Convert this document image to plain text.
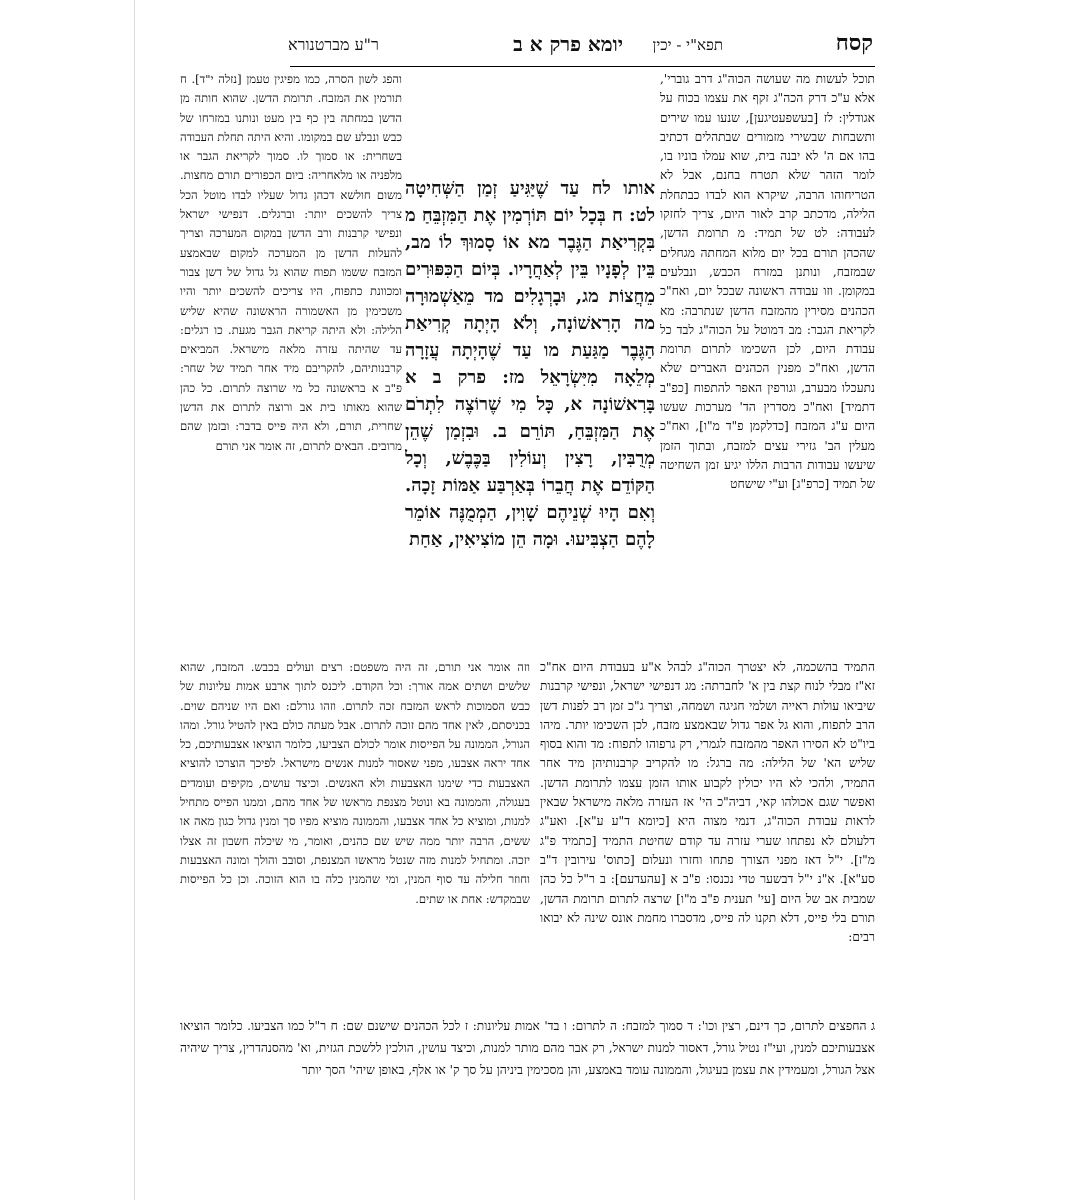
קסח
תפא"י - יכין
יומא פרק א ב
ר"ע מברטנורא

תוכל לעשות מה שעושה הכוה"ג דרב גוברי', אלא ע"כ דרק הכה"ג זקף את עצמו בכוח על אגודלין: לז [בעשפעטיגען], שנעו עמו שירים ותשבחות שבשירי מזמורים שבתהלים דכתיב בהו אם ה' לא יבנה בית, שוא עמלו בוניו בו, לומר הזהר שלא תטרח בחנם, אבל לא הטריחוהו הרבה, שיקרא הוא לבדו כבתחלת הלילה, מדכתב קרב לאור היום, צריך לחזקו לעבודה: לט של תמיד: מ תרומת הדשן, שהכהן תורם בכל יום מלוא המחתה מגחלים שבמזבח, ונותנן במזרח הכבש, ונבלעים במקומן. וזו עבודה ראשונה שבכל יום, ואח"כ הכהנים מסירין מהמזבח הדשן שנתרבה: מא לקריאת הגבר: מב דמוטל על הכוה"ג לבד כל עבודת היום, לכן השכימו לתרום תרומת הדשן, ואח"כ מפנין הכהנים האברים שלא נתעכלו מבערב, וגורפין האפר להתפוח [כפ"ב דתמיד] ואח"כ מסדרין הד' מערכות שעשו היום ע"ג המזבח [כדלקמן פ"ד מ"ו], ואח"כ מעלין הב' גזירי עצים למזבח, ובתוך הזמן שיעשו עבודות הרבות הללו יגיע זמן השחיטה של תמיד [כרפ"ג] וע"י שישחט

אותו לח עַד שֶׁיַּגִּיעַ זְמַן הַשְּׁחִיטָה לט: ח בְּכָל יוֹם תּוֹרְמִין אֶת הַמִּזְבֵּחַ מ בִּקְרִיאַת הַגֶּבֶר מא אוֹ סָמוּךְ לוֹ מב, בֵּין לְפָנָיו בֵּין לְאַחֲרָיו. בְּיוֹם הַכִּפּוּרִים מֵחֲצוֹת מג, וּבָרְגָלִים מד מֵאַשְׁמוּרָה מה הָרִאשׁוֹנָה, וְלֹא הָיְתָה קְרִיאַת הַגֶּבֶר מַגַּעַת מו עַד שֶׁהָיְתָה עֲזָרָה מְלֵאָה מִיִּשְׂרָאֵל מז: פרק ב א בָּרִאשׁוֹנָה א, כָּל מִי שֶׁרוֹצֶה לִתְרֹם אֶת הַמִּזְבֵּחַ, תּוֹרֵם ב. וּבִזְמַן שֶׁהֵן מְרֻבִּין, רָצִין וְעוֹלִין בַּכֶּבֶשׁ, וְכָל הַקּוֹדֵם אֶת חֲבֵרוֹ בְּאַרְבַּע אַמּוֹת זָכָה. וְאִם הָיוּ שְׁנֵיהֶם שָׁוִין, הַמְמֻנֶּה אוֹמֵר לָהֶם הַצְבִּיעוּ. וּמָה הֵן מוֹצִיאִין, אַחַת

והפג לשון הסרה, כמו מפיגין טעמן [נזלה י"ד]. ח תורמין את המזבח. תרומת הדשן. שהוא חותה מן הדשן במחתה בין כף בין מעט ונותנו במזרחו של כבש ונבלע שם במקומו. והיא היתה תחלת העבודה בשחרית: או סמוך לו. סמוך לקריאת הגבר או מלפניה או מלאחריה: ביום הכפורים תורם מחצות. משום חולשא דכהן גדול שעליו לבדו מוטל הכל צריך להשכים יותר: וברגלים. דנפישי ישראל ונפישי קרבנות ורב הדשן במקום המערכה וצריך להעלות הדשן מן המערכה למקום שבאמצע המזבח ששמו תפוח שהוא גל גדול של דשן צבור ומכוונת כתפוח, היו צריכים להשכים יותר והיו משכימין מן האשמורה הראשונה שהיא שליש הלילה: ולא היתה קריאת הגבר מגעת. כו רגלים: עד שהיתה עזרה מלאה מישראל. המביאים קרבנותיהם, להקריבם מיד אחר תמיד של שחר: פ"ב א בראשונה כל מי שרוצה לתרום. כל כהן שהוא מאותו בית אב ורוצה לתרום את הדשן שחרית, תורם, ולא היה פייס בדבר: ובזמן שהם מרובים. הבאים לתרום, זה אומר אני תורם

התמיד בהשכמה, לא יצטרך הכוה"ג לבהל א"ע בעבודת היום אח"כ זא"ז מבלי לנוח קצת בין א' לחברתה: מג דנפישי ישראל, ונפישי קרבנות שיביאו עולות ראייה ושלמי חגיגה ושמחה, וצריך ג"כ זמן רב לפנות דשן הרב לתפוח, והוא גל אפר גדול שבאמצע מזבח, לכן השכימו יותר. מיהו ביו"ט לא הסירו האפר מהמזבח לגמרי, רק גרפוהו לתפוח: מד והוא בסוף שליש הא' של הלילה: מה ברגל: מו להקריב קרבנותיהן מיד אחר התמיד, ולהכי לא היו יכולין לקבוע אותו הזמן עצמו לתרומת הדשן. ואפשר שגם אכולהו קאי, דביה"כ הי' אז העזרה מלאה מישראל שבאין לראות עבודת הכוה"ג, דנמי מצוה היא [כיומא ד"ע ע"א]. ואע"ג דלעולם לא נפתחו שערי עזרה עד קודם שחיטת התמיד [כתמיד פ"ג מ"ז]. י"ל דאז מפני הצורך פתחו וחזרו ונעלום [כתוס' עירובין ד"ב סע"א]. א"נ י"ל דבשער טדי נכנסו: פ"ב א [עהעדעם]: ב ר"ל כל כהן שמבית אב של היום [עי' תענית פ"ב מ"ו] שרצה לתרום תרומת הדשן, תורם בלי פייס, דלא תקנו לה פייס, מדסברו מחמת אונס שינה לא יבואו רבים:

וזה אומר אני תורם, זה היה משפטם: רצים ועולים בכבש. המזבח, שהוא שלשים ושתים אמה אורך: וכל הקודם. ליכנס לתוך ארבע אמות עליונות של כבש הסמוכות לראש המזבח זכה לתרום. וזהו גורלם: ואם היו שניהם שוים. בכניסתם, לאין אחד מהם זוכה לתרום. אבל מעתה כולם באין להטיל גורל. ומהו הגורל, הממונה על הפייסות אומר לכולם הצביעו, כלומר הוציאו אצבעותיכם, כל אחד יראה אצבעו, מפני שאסור למנות אנשים מישראל. לפיכך הוצרכו להוציא האצבעות כדי שימנו האצבעות ולא האנשים. וכיצד עושים, מקיפים ועומדים בעגולה, והממונה בא ונוטל מצנפת מראשו של אחד מהם, וממנו הפייס מתחיל למנות, ומוציא כל אחד אצבעו, והממונה מוציא מפיו סך ומנין גדול כגון מאה או ששים, הרבה יותר ממה שיש שם כהנים, ואומר, מי שיכלה חשבון זה אצלו יזכה. ומתחיל למנות מזה שנטל מראשו המצנפת, וסובב והולך ומונה האצבעות וחוזר חלילה עד סוף המנין, ומי שהמנין כלה בו הוא הזוכה. וכן כל הפייסות שבמקדש: אחת או שתים.

ג החפצים לתרום, כך דינם, רצין וכו': ד סמוך למזבח: ה לתרום: ו בד' אמות עליונות: ז לכל הכהנים שישנם שם: ח ר"ל כמו הצביעו. כלומר הוציאו אצבעותיכם למנין, ועי"ז נטיל גורל, דאסור למנות ישראל, רק אבר מהם מותר למנות, וכיצד עושין, הולכין ללשכת הגזית, וא' מהסנהדרין, צריך שיהיה אצל הגורל, ומעמידין את עצמן בעיגול, והממונה עומד באמצע, והן מסכימין ביניהן על סך ק' או אלף, באופן שיהי' הסך יותר
